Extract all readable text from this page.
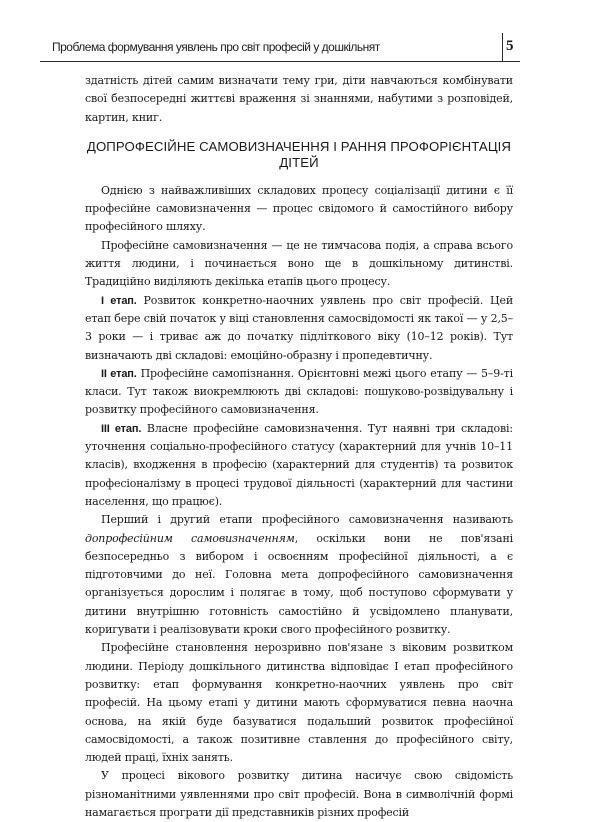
Проблема формування уявлень про світ професій у дошкільнят	5

здатність дітей самим визначати тему гри, діти навчаються комбінувати свої безпосередні життєві враження зі знаннями, набутими з розповідей, картин, книг.

ДОПРОФЕСІЙНЕ САМОВИЗНАЧЕННЯ І РАННЯ ПРОФОРІЄНТАЦІЯ ДІТЕЙ

Однією з найважливіших складових процесу соціалізації дитини є її професійне самовизначення — процес свідомого й самостійного вибору професійного шляху.

Професійне самовизначення — це не тимчасова подія, а справа всього життя людини, і починається воно ще в дошкільному дитинстві. Традиційно виділяють декілька етапів цього процесу.

І етап. Розвиток конкретно-наочних уявлень про світ професій. Цей етап бере свій початок у віці становлення самосвідомості як такої — у 2,5–3 роки — і триває аж до початку підліткового віку (10–12 років). Тут визначають дві складові: емоційно-образну і пропедевтичну.

ІІ етап. Професійне самопізнання. Орієнтовні межі цього етапу — 5–9-ті класи. Тут також виокремлюють дві складові: пошуково-розвідувальну і розвитку професійного самовизначення.

ІІІ етап. Власне професійне самовизначення. Тут наявні три складові: уточнення соціально-професійного статусу (характерний для учнів 10–11 класів), входження в професію (характерний для студентів) та розвиток професіоналізму в процесі трудової діяльності (характерний для частини населення, що працює).

Перший і другий етапи професійного самовизначення називають допрофесійним самовизначенням, оскільки вони не пов'язані безпосередньо з вибором і освоєнням професійної діяльності, а є підготовчими до неї. Головна мета допрофесійного самовизначення організується дорослим і полягає в тому, щоб поступово сформувати у дитини внутрішню готовність самостійно й усвідомлено планувати, коригувати і реалізовувати кроки свого професійного розвитку.

Професійне становлення нерозривно пов'язане з віковим розвитком людини. Періоду дошкільного дитинства відповідає І етап професійного розвитку: етап формування конкретно-наочних уявлень про світ професій. На цьому етапі у дитини мають сформуватися певна наочна основа, на якій буде базуватися подальший розвиток професійної самосвідомості, а також позитивне ставлення до професійного світу, людей праці, їхніх занять.

У процесі вікового розвитку дитина насичує свою свідомість різноманітними уявленнями про світ професій. Вона в символічній формі намагається програти дії представників різних професій
